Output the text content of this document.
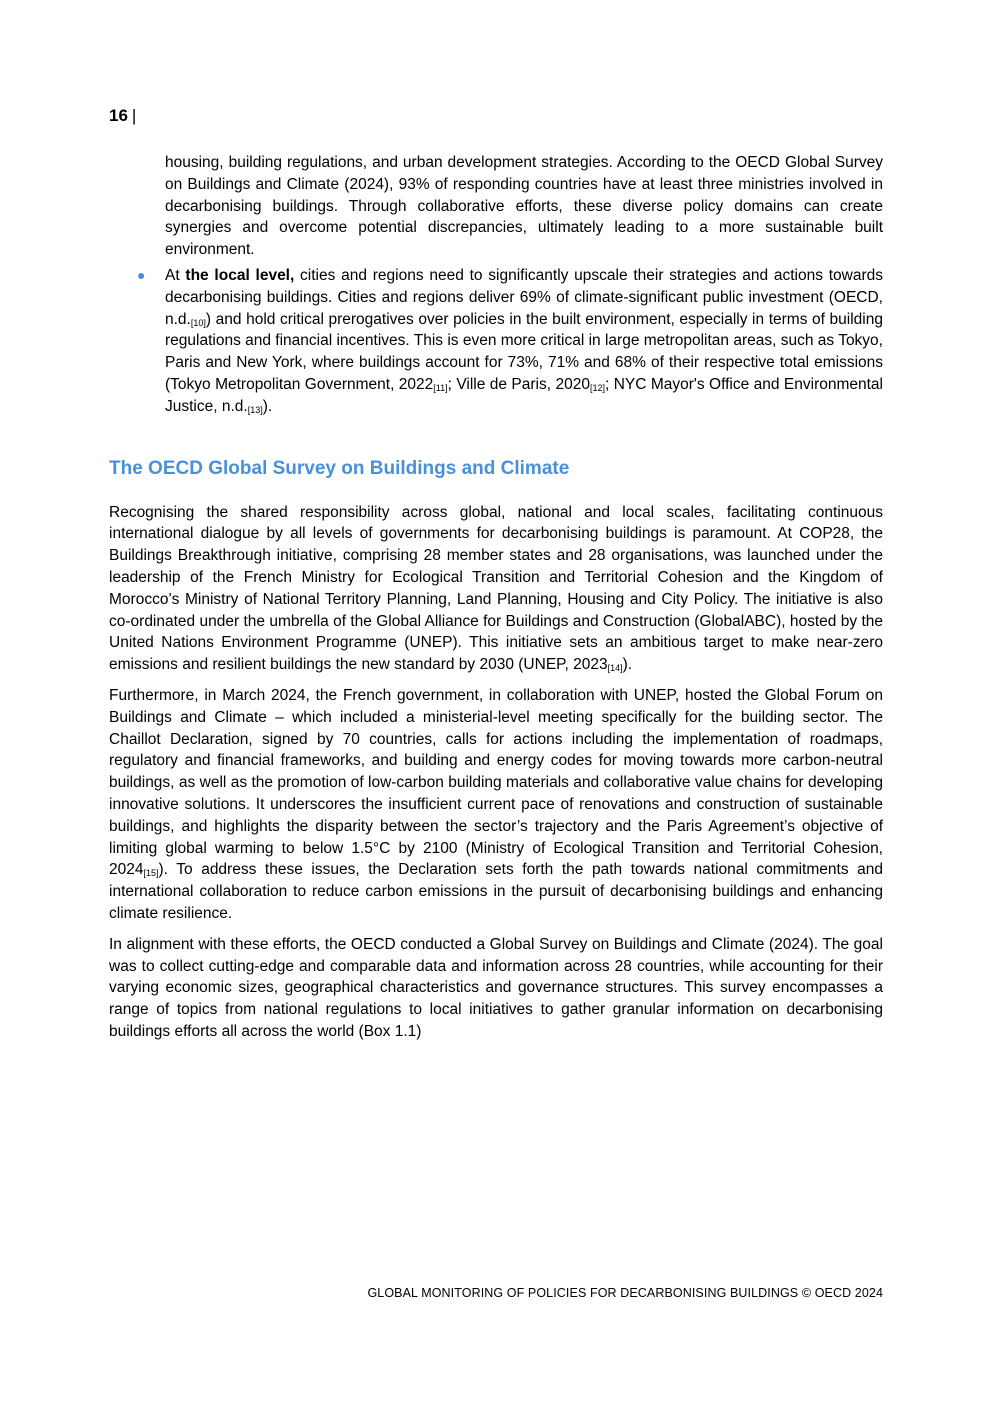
16 |

housing, building regulations, and urban development strategies. According to the OECD Global Survey on Buildings and Climate (2024), 93% of responding countries have at least three ministries involved in decarbonising buildings. Through collaborative efforts, these diverse policy domains can create synergies and overcome potential discrepancies, ultimately leading to a more sustainable built environment.

● At the local level, cities and regions need to significantly upscale their strategies and actions towards decarbonising buildings. Cities and regions deliver 69% of climate-significant public investment (OECD, $n.d._{[10]}$) and hold critical prerogatives over policies in the built environment, especially in terms of building regulations and financial incentives. This is even more critical in large metropolitan areas, such as Tokyo, Paris and New York, where buildings account for 73%, 71% and 68% of their respective total emissions (Tokyo Metropolitan Government, $2022_{[11]}$; Ville de Paris, $2020_{[12]}$; NYC Mayor's Office and Environmental Justice, $n.d._{[13]}$).

The OECD Global Survey on Buildings and Climate

Recognising the shared responsibility across global, national and local scales, facilitating continuous international dialogue by all levels of governments for decarbonising buildings is paramount. At COP28, the Buildings Breakthrough initiative, comprising 28 member states and 28 organisations, was launched under the leadership of the French Ministry for Ecological Transition and Territorial Cohesion and the Kingdom of Morocco’s Ministry of National Territory Planning, Land Planning, Housing and City Policy. The initiative is also co-ordinated under the umbrella of the Global Alliance for Buildings and Construction (GlobalABC), hosted by the United Nations Environment Programme (UNEP). This initiative sets an ambitious target to make near-zero emissions and resilient buildings the new standard by 2030 (UNEP, $2023_{[14]}$).

Furthermore, in March 2024, the French government, in collaboration with UNEP, hosted the Global Forum on Buildings and Climate – which included a ministerial-level meeting specifically for the building sector. The Chaillot Declaration, signed by 70 countries, calls for actions including the implementation of roadmaps, regulatory and financial frameworks, and building and energy codes for moving towards more carbon-neutral buildings, as well as the promotion of low-carbon building materials and collaborative value chains for developing innovative solutions. It underscores the insufficient current pace of renovations and construction of sustainable buildings, and highlights the disparity between the sector’s trajectory and the Paris Agreement’s objective of limiting global warming to below 1.5°C by 2100 (Ministry of Ecological Transition and Territorial Cohesion, $2024_{[15]}$). To address these issues, the Declaration sets forth the path towards national commitments and international collaboration to reduce carbon emissions in the pursuit of decarbonising buildings and enhancing climate resilience.

In alignment with these efforts, the OECD conducted a Global Survey on Buildings and Climate (2024). The goal was to collect cutting-edge and comparable data and information across 28 countries, while accounting for their varying economic sizes, geographical characteristics and governance structures. This survey encompasses a range of topics from national regulations to local initiatives to gather granular information on decarbonising buildings efforts all across the world (Box 1.1)

GLOBAL MONITORING OF POLICIES FOR DECARBONISING BUILDINGS © OECD 2024
